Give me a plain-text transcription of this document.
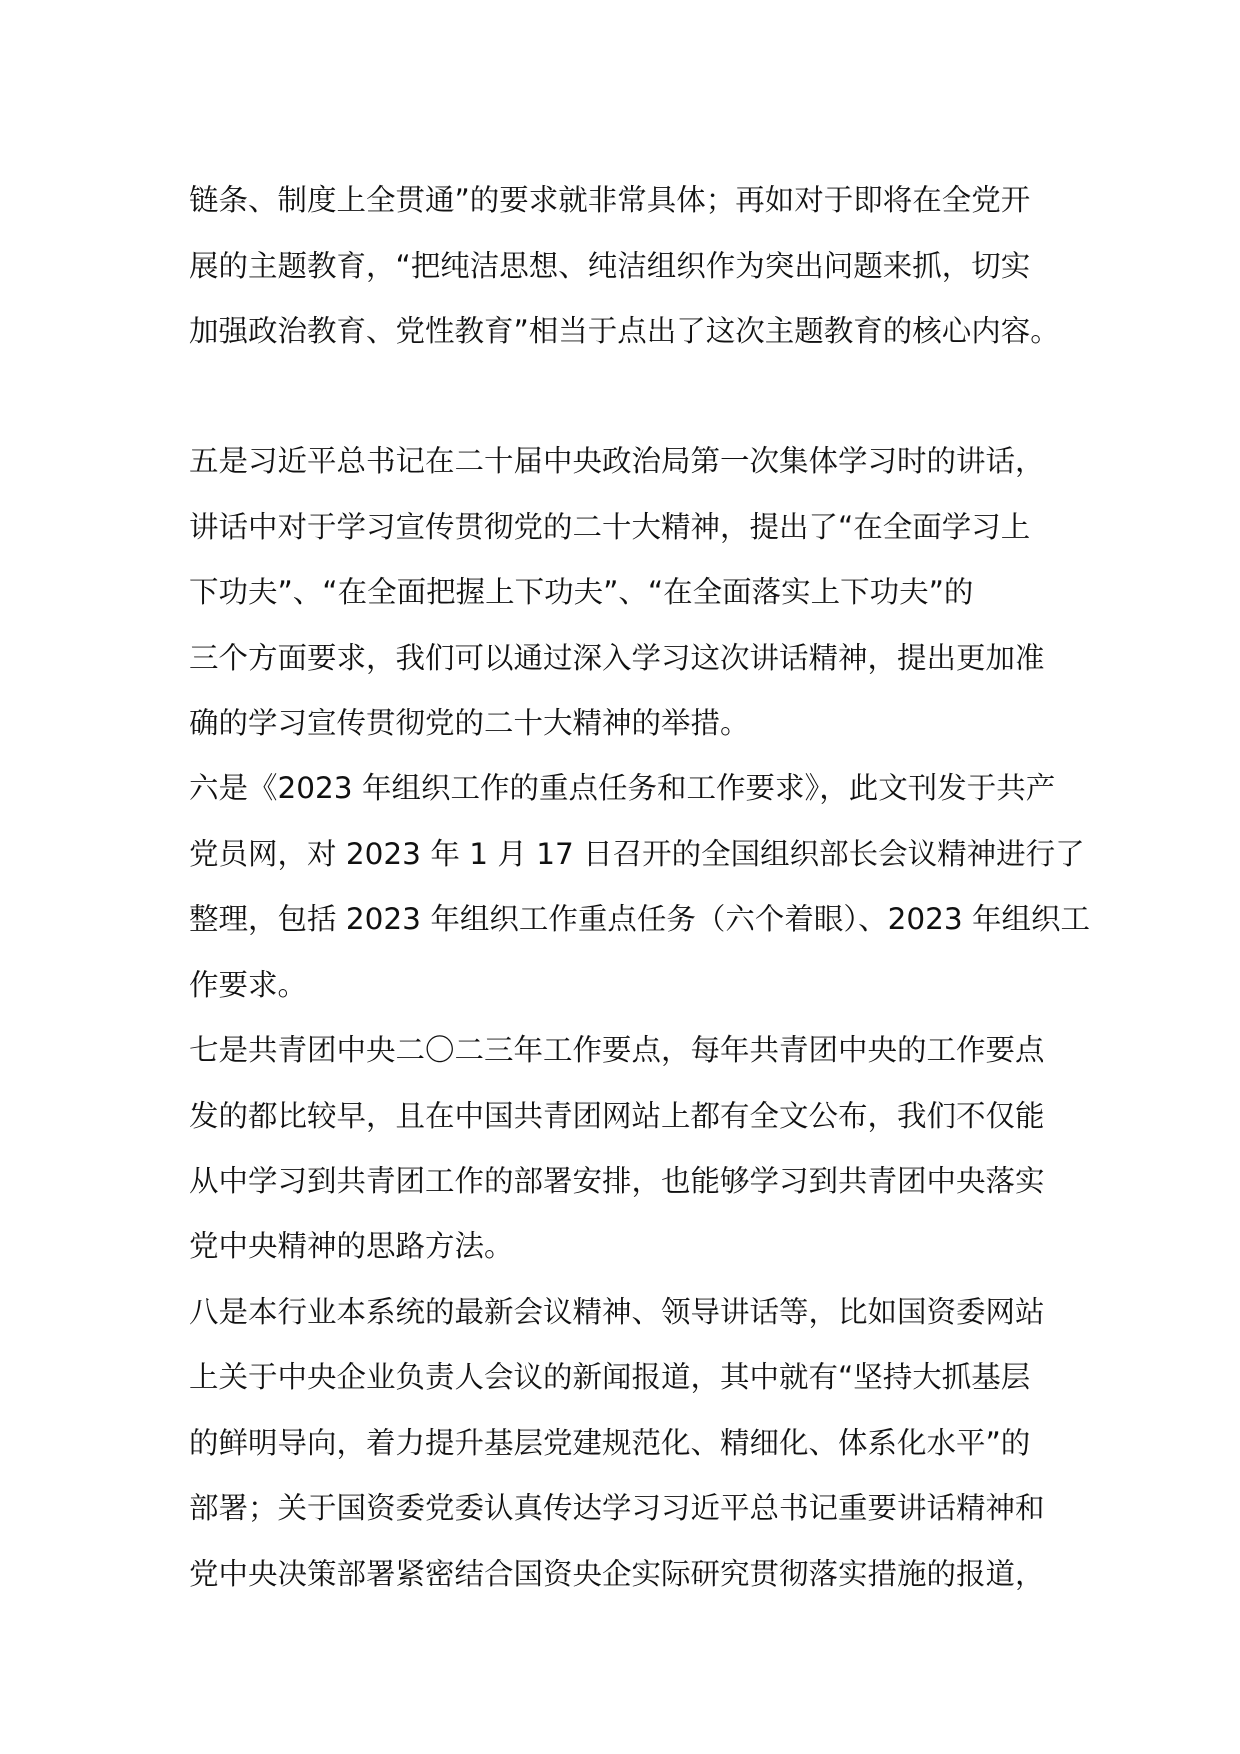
链条、制度上全贯通”的要求就非常具体；再如对于即将在全党开
展的主题教育，“把纯洁思想、纯洁组织作为突出问题来抓，切实
加强政治教育、党性教育”相当于点出了这次主题教育的核心内容。
五是习近平总书记在二十届中央政治局第一次集体学习时的讲话，
讲话中对于学习宣传贯彻党的二十大精神，提出了“在全面学习上
下功夫”、“在全面把握上下功夫”、“在全面落实上下功夫”的
三个方面要求，我们可以通过深入学习这次讲话精神，提出更加准
确的学习宣传贯彻党的二十大精神的举措。
六是《2023 年组织工作的重点任务和工作要求》，此文刊发于共产
党员网，对 2023 年 1 月 17 日召开的全国组织部长会议精神进行了
整理，包括 2023 年组织工作重点任务（六个着眼）、2023 年组织工
作要求。
七是共青团中央二〇二三年工作要点，每年共青团中央的工作要点
发的都比较早，且在中国共青团网站上都有全文公布，我们不仅能
从中学习到共青团工作的部署安排，也能够学习到共青团中央落实
党中央精神的思路方法。
八是本行业本系统的最新会议精神、领导讲话等，比如国资委网站
上关于中央企业负责人会议的新闻报道，其中就有“坚持大抓基层
的鲜明导向，着力提升基层党建规范化、精细化、体系化水平”的
部署；关于国资委党委认真传达学习习近平总书记重要讲话精神和
党中央决策部署紧密结合国资央企实际研究贯彻落实措施的报道，
